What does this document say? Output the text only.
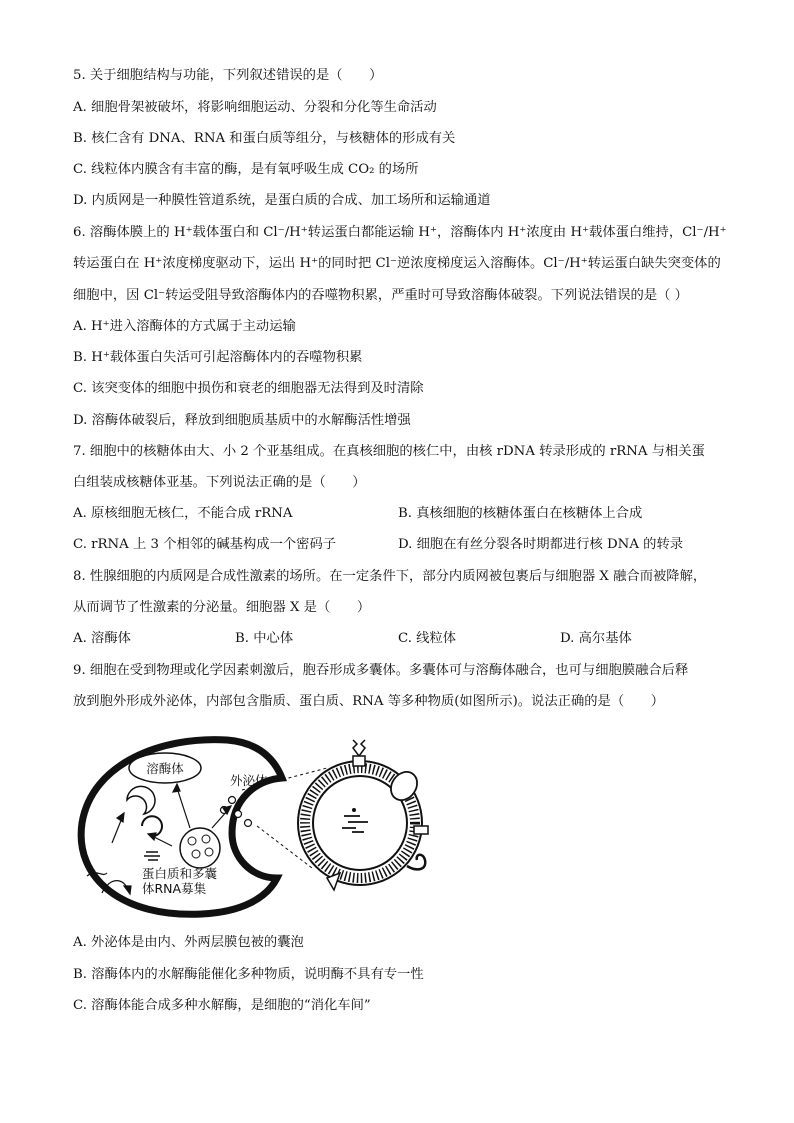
5. 关于细胞结构与功能，下列叙述错误的是（　　）
A. 细胞骨架被破坏，将影响细胞运动、分裂和分化等生命活动
B. 核仁含有 DNA、RNA 和蛋白质等组分，与核糖体的形成有关
C. 线粒体内膜含有丰富的酶，是有氧呼吸生成 CO₂ 的场所
D. 内质网是一种膜性管道系统，是蛋白质的合成、加工场所和运输通道
6. 溶酶体膜上的 H⁺载体蛋白和 Cl⁻/H⁺转运蛋白都能运输 H⁺，溶酶体内 H⁺浓度由 H⁺载体蛋白维持，Cl⁻/H⁺
转运蛋白在 H⁺浓度梯度驱动下，运出 H⁺的同时把 Cl⁻逆浓度梯度运入溶酶体。Cl⁻/H⁺转运蛋白缺失突变体的
细胞中，因 Cl⁻转运受阻导致溶酶体内的吞噬物积累，严重时可导致溶酶体破裂。下列说法错误的是（ ）
A. H⁺进入溶酶体的方式属于主动运输
B. H⁺载体蛋白失活可引起溶酶体内的吞噬物积累
C. 该突变体的细胞中损伤和衰老的细胞器无法得到及时清除
D. 溶酶体破裂后，释放到细胞质基质中的水解酶活性增强
7. 细胞中的核糖体由大、小 2 个亚基组成。在真核细胞的核仁中，由核 rDNA 转录形成的 rRNA 与相关蛋
白组装成核糖体亚基。下列说法正确的是（　　）
A. 原核细胞无核仁，不能合成 rRNA	B. 真核细胞的核糖体蛋白在核糖体上合成
C. rRNA 上 3 个相邻的碱基构成一个密码子	D. 细胞在有丝分裂各时期都进行核 DNA 的转录
8. 性腺细胞的内质网是合成性激素的场所。在一定条件下，部分内质网被包裹后与细胞器 X 融合而被降解，
从而调节了性激素的分泌量。细胞器 X 是（　　）
A. 溶酶体	B. 中心体	C. 线粒体	D. 高尔基体
9. 细胞在受到物理或化学因素刺激后，胞吞形成多囊体。多囊体可与溶酶体融合，也可与细胞膜融合后释
放到胞外形成外泌体，内部包含脂质、蛋白质、RNA 等多种物质(如图所示)。说法正确的是（　　）
溶酶体
外泌体
蛋白质和多囊
体RNA募集
A. 外泌体是由内、外两层膜包被的囊泡
B. 溶酶体内的水解酶能催化多种物质，说明酶不具有专一性
C. 溶酶体能合成多种水解酶，是细胞的“消化车间”
